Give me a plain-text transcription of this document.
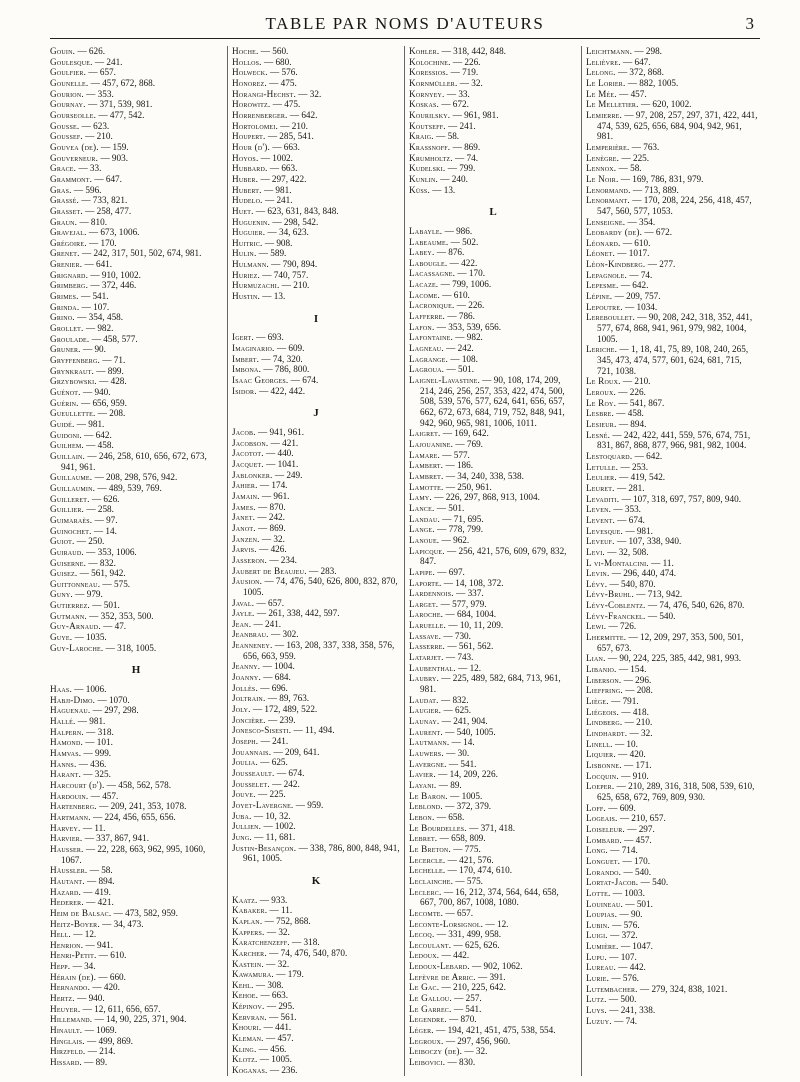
TABLE PAR NOMS D'AUTEURS	3
Gouin. — 626.
Goulesque. — 241.
Goulfier. — 657.
Gounelle. — 457, 672, 868.
Gourion. — 353.
Gournay. — 371, 539, 981.
Gourseolle. — 477, 542.
Gousse. — 623.
Goussef. — 210.
Gouvea (de). — 159.
Gouverneur. — 903.
Grace. — 33.
Grammont. — 647.
Gras. — 596.
Grassé. — 733, 821.
Grasset. — 258, 477.
Graun. — 810.
Gravejal. — 673, 1006.
Grégoire. — 170.
Grenet. — 242, 317, 501, 502, 674, 981.
Grenier. — 641.
Grignard. — 910, 1002.
Grimberg. — 372, 446.
Grimes. — 541.
Grinda. — 107.
Grino. — 354, 458.
Grollet. — 982.
Groulade. — 458, 577.
Gruner. — 90.
Gryffenberg. — 71.
Grynkraut. — 899.
Grzybowski. — 428.
Guénot. — 940.
Guérin. — 656, 959.
Gueullette. — 208.
Guidé. — 981.
Guidoni. — 642.
Guilhem. — 458.
Guillain. — 246, 258, 610, 656, 672, 673, 941, 961.
Guillaume. — 208, 298, 576, 942.
Guillaumin. — 489, 539, 769.
Guilleret. — 626.
Guillier. — 258.
Guimaraès. — 97.
Guinochet. — 14.
Guiot. — 250.
Guiraud. — 353, 1006.
Guiserne. — 832.
Guisez. — 561, 942.
Guittonneau. — 575.
Guny. — 979.
Gutierrez. — 501.
Gutmann. — 352, 353, 500.
Guy-Arnaud. — 47.
Guye. — 1035.
Guy-Laroche. — 318, 1005.
H
Haas. — 1006.
Habji-Dimo. — 1070.
Haguenau. — 297, 298.
Hallé. — 981.
Halpern. — 318.
Hamond. — 101.
Hamvas. — 999.
Hanns. — 436.
Harant. — 325.
Harcourt (d'). — 458, 562, 578.
Hardouin. — 457.
Hartenberg. — 209, 241, 353, 1078.
Hartmann. — 224, 456, 655, 656.
Harvey. — 11.
Harvier. — 337, 867, 941.
Hausser. — 22, 228, 663, 962, 995, 1060, 1067.
Häussler. — 58.
Hautant. — 894.
Hazard. — 419.
Hederer. — 421.
Heim de Balsac. — 473, 582, 959.
Heitz-Boyer. — 34, 473.
Hell. — 12.
Henrion. — 941.
Henri-Petit. — 610.
Hepp. — 34.
Hérain (de). — 660.
Hernando. — 420.
Hertz. — 940.
Heuyer. — 12, 611, 656, 657.
Hillemand. — 14, 90, 225, 371, 904.
Hinault. — 1069.
Hinglais. — 499, 869.
Hirzfeld. — 214.
Hissard. — 89.
Hoche. — 560.
Hollos. — 680.
Holweck. — 576.
Honorez. — 475.
Horangi-Hechst. — 32.
Horowitz. — 475.
Horrenberger. — 642.
Hortolomei. — 210.
Houpert. — 285, 541.
Hour (d'). — 663.
Hoyos. — 1002.
Hubbard. — 663.
Huber. — 297, 422.
Hubert. — 981.
Hudelo. — 241.
Huet. — 623, 631, 843, 848.
Huguenin. — 298, 542.
Huguier. — 34, 623.
Huitric. — 908.
Hulin. — 589.
Hulmann. — 790, 894.
Huriez. — 740, 757.
Hurmuzachi. — 210.
Hustin. — 13.
I
Igert. — 693.
Imaginario. — 609.
Imbert. — 74, 320.
Imbona. — 786, 800.
Isaac Georges. — 674.
Isidor. — 422, 442.
J
Jacob. — 941, 961.
Jacobson. — 421.
Jacotot. — 440.
Jacquet. — 1041.
Jablonker. — 249.
Jahier. — 174.
Jamain. — 961.
James. — 870.
Janet. — 242.
Janot. — 869.
Janzen. — 32.
Jarvis. — 426.
Jasseron. — 234.
Jaubert de Beaujeu. — 283.
Jausion. — 74, 476, 540, 626, 800, 832, 870, 1005.
Javal. — 657.
Jayle. — 261, 338, 442, 597.
Jean. — 241.
Jeanbrau. — 302.
Jeanneney. — 163, 208, 337, 338, 358, 576, 656, 663, 959.
Jeanny. — 1004.
Joanny. — 684.
Jollès. — 696.
Joltrain. — 89, 763.
Joly. — 172, 489, 522.
Joncière. — 239.
Jonesco-Sisesti. — 11, 494.
Joseph. — 241.
Jouannais. — 209, 641.
Joulia. — 625.
Jousseault. — 674.
Jousselet. — 242.
Jouve. — 225.
Joyet-Lavergne. — 959.
Juba. — 10, 32.
Jullien. — 1002.
Jung. — 11, 681.
Justin-Besançon. — 338, 786, 800, 848, 941, 961, 1005.
K
Kaatz. — 933.
Kabaker. — 11.
Kaplan. — 752, 868.
Kappers. — 32.
Karatchenzeff. — 318.
Karcher. — 74, 476, 540, 870.
Kastein. — 32.
Kawamura. — 179.
Kehl. — 308.
Kehoe. — 663.
Képinov. — 295.
Kervran. — 561.
Khouri. — 441.
Kleman. — 457.
Kling. — 456.
Klotz. — 1005.
Koganas. — 236.
Kohler. — 318, 442, 848.
Kolochine. — 226.
Koressios. — 719.
Kornmüller. — 32.
Kornyey. — 33.
Koskas. — 672.
Kourilsky. — 961, 981.
Koutseff. — 241.
Kraig. — 58.
Krassnoff. — 869.
Krumholtz. — 74.
Kudelski. — 799.
Kunlin. — 240.
Küss. — 13.
L
Labayle. — 986.
Labeaume. — 502.
Labey. — 876.
Labougle. — 422.
Lacassagne. — 170.
Lacaze. — 799, 1006.
Lacome. — 610.
Lacronique. — 226.
Lafferre. — 786.
Lafon. — 353, 539, 656.
Lafontaine. — 982.
Lagneau. — 242.
Lagrange. — 108.
Lagroua. — 501.
Laignel-Lavastine. — 90, 108, 174, 209, 214, 246, 256, 257, 353, 422, 474, 500, 508, 539, 576, 577, 624, 641, 656, 657, 662, 672, 673, 684, 719, 752, 848, 941, 942, 960, 965, 981, 1006, 1011.
Laigret. — 169, 642.
Lajouanine. — 769.
Lamare. — 577.
Lambert. — 186.
Lambret. — 34, 240, 338, 538.
Lamotte. — 250, 961.
Lamy. — 226, 297, 868, 913, 1004.
Lance. — 501.
Landau. — 71, 695.
Lange. — 778, 799.
Lanoue. — 962.
Lapicque. — 256, 421, 576, 609, 679, 832, 847.
Lapipe. — 697.
Laporte. — 14, 108, 372.
Lardennois. — 337.
Larget. — 577, 979.
Laroche. — 684, 1004.
Laruelle. — 10, 11, 209.
Lassave. — 730.
Lasserre. — 561, 562.
Latarjet. — 743.
Laubenthal. — 12.
Laubry. — 225, 489, 582, 684, 713, 961, 981.
Laudat. — 832.
Laugier. — 625.
Launay. — 241, 904.
Laurent. — 540, 1005.
Lautmann. — 14.
Lauwers. — 30.
Lavergne. — 541.
Lavier. — 14, 209, 226.
Layani. — 89.
Le Baron. — 1005.
Leblond. — 372, 379.
Lebon. — 658.
Le Bourdelles. — 371, 418.
Lebret. — 658, 809.
Le Breton. — 775.
Lecercle. — 421, 576.
Lechelle. — 170, 474, 610.
Leclainche. — 575.
Leclerc. — 16, 212, 374, 564, 644, 658, 667, 700, 867, 1008, 1080.
Lecomte. — 657.
Leconte-Lorsignol. — 12.
Lecoq. — 331, 499, 958.
Lecoulant. — 625, 626.
Ledoux. — 442.
Ledoux-Lebard. — 902, 1062.
Lefèvre de Arric. — 391.
Le Gac. — 210, 225, 642.
Le Gallou. — 257.
Le Garrec. — 541.
Legendre. — 870.
Léger. — 194, 421, 451, 475, 538, 554.
Legroux. — 297, 456, 960.
Leiboczy (de). — 32.
Leibovici. — 830.
Leichtmann. — 298.
Lelièvre. — 647.
Lelong. — 372, 868.
Le Lorier. — 882, 1005.
Le Mée. — 457.
Le Melletier. — 620, 1002.
Lemierre. — 97, 208, 257, 297, 371, 422, 441, 474, 539, 625, 656, 684, 904, 942, 961, 981.
Lemperière. — 763.
Lenègre. — 225.
Lennox. — 58.
Le Noir. — 169, 786, 831, 979.
Lenormand. — 713, 889.
Lenormant. — 170, 208, 224, 256, 418, 457, 547, 560, 577, 1053.
Lenseigne. — 354.
Leobardy (de). — 672.
Léonard. — 610.
Léonet. — 1017.
Léon-Kindberg. — 277.
Lepagnole. — 74.
Lepesme. — 642.
Lépine. — 209, 757.
Lepoutre. — 1034.
Lereboullet. — 90, 208, 242, 318, 352, 441, 577, 674, 868, 941, 961, 979, 982, 1004, 1005.
Leriche. — 1, 18, 41, 75, 89, 108, 240, 265, 345, 473, 474, 577, 601, 624, 681, 715, 721, 1038.
Le Roux. — 210.
Leroux. — 226.
Le Roy. — 541, 867.
Lesbre. — 458.
Lesieur. — 894.
Lesné. — 242, 422, 441, 559, 576, 674, 751, 831, 867, 868, 877, 966, 981, 982, 1004.
Lestoquard. — 642.
Letulle. — 253.
Leulier. — 419, 542.
Leuret. — 281.
Levaditi. — 107, 318, 697, 757, 809, 940.
Leven. — 353.
Levent. — 674.
Levesque. — 981.
Leveuf. — 107, 338, 940.
Levi. — 32, 508.
L vi-Montalcini. — 11.
Levin. — 296, 440, 474.
Lévy. — 540, 870.
Lévy-Bruhl. — 713, 942.
Lévy-Coblentz. — 74, 476, 540, 626, 870.
Lévy-Franckel. — 540.
Lewi. — 726.
Lhermitte. — 12, 209, 297, 353, 500, 501, 657, 673.
Lian. — 90, 224, 225, 385, 442, 981, 993.
Libanio. — 154.
Liberson. — 296.
Lieffring. — 208.
Liège. — 791.
Liégeois. — 418.
Lindberg. — 210.
Lindhardt. — 32.
Linell. — 10.
Liquier. — 420.
Lisbonne. — 171.
Locquin. — 910.
Loeper. — 210, 289, 316, 318, 508, 539, 610, 625, 658, 672, 769, 809, 930.
Loff. — 609.
Logeais. — 210, 657.
Loiseleur. — 297.
Lombard. — 457.
Long. — 714.
Longuet. — 170.
Lorando. — 540.
Lortat-Jacob. — 540.
Lotte. — 1003.
Louineau. — 501.
Loupias. — 90.
Lubin. — 576.
Luigi. — 372.
Lumière. — 1047.
Lupu. — 107.
Lureau. — 442.
Lurie. — 576.
Lutembacher. — 279, 324, 838, 1021.
Lutz. — 500.
Luys. — 241, 338.
Luzuy. — 74.
